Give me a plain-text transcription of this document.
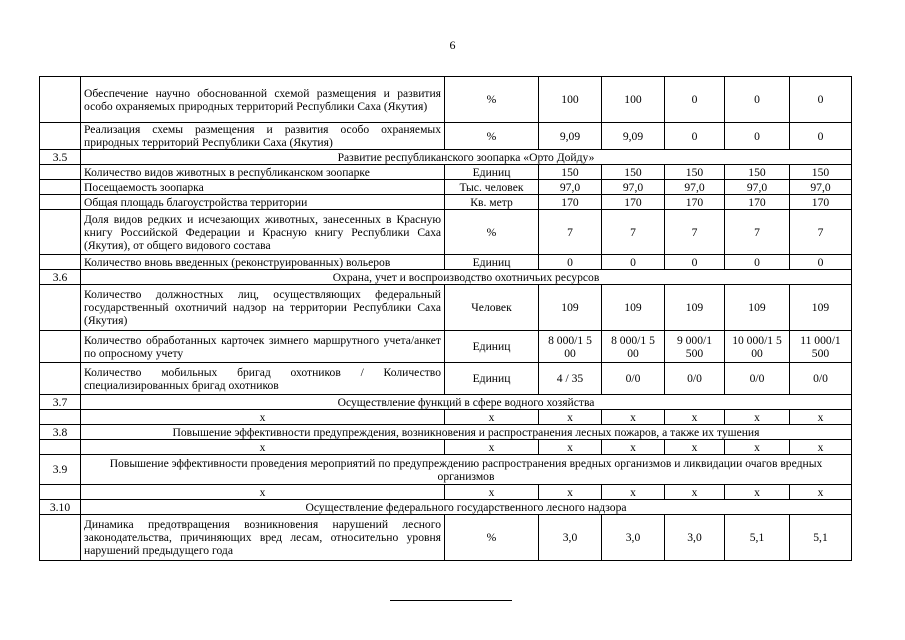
6
	Обеспечение научно обоснованной схемой размещения и развития особо охраняемых природных территорий Республики Саха (Якутия)	%	100	100	0	0	0
	Реализация схемы размещения и развития особо охраняемых природных территорий Республики Саха (Якутия)	%	9,09	9,09	0	0	0
3.5	Развитие республиканского зоопарка «Орто Дойду»						
	Количество видов животных в республиканском зоопарке	Единиц	150	150	150	150	150
	Посещаемость зоопарка	Тыс. человек	97,0	97,0	97,0	97,0	97,0
	Общая площадь благоустройства территории	Кв. метр	170	170	170	170	170
	Доля видов редких и исчезающих животных, занесенных в Красную книгу Российской Федерации и Красную книгу Республики Саха (Якутия), от общего видового состава	%	7	7	7	7	7
	Количество вновь введенных (реконструированных) вольеров	Единиц	0	0	0	0	0
3.6	Охрана, учет и воспроизводство охотничьих ресурсов						
	Количество должностных лиц, осуществляющих федеральный государственный охотничий надзор на территории Республики Саха (Якутия)	Человек	109	109	109	109	109
	Количество обработанных карточек зимнего маршрутного учета/анкет по опросному учету	Единиц	8 000/1 5 00	8 000/1 5 00	9 000/1 500	10 000/1 5 00	11 000/1 500
	Количество мобильных бригад охотников / Количество специализированных бригад охотников	Единиц	4 / 35	0/0	0/0	0/0	0/0
3.7	Осуществление функций в сфере водного хозяйства						
	х	х	х	х	х	х	х
3.8	Повышение эффективности предупреждения, возникновения и распространения лесных пожаров, а также их тушения						
	х	х	х	х	х	х	х
3.9	Повышение эффективности проведения мероприятий по предупреждению распространения вредных организмов и ликвидации очагов вредных организмов						
	х	х	х	х	х	х	х
3.10	Осуществление федерального государственного лесного надзора						
	Динамика предотвращения возникновения нарушений лесного законодательства, причиняющих вред лесам, относительно уровня нарушений предыдущего года	%	3,0	3,0	3,0	5,1	5,1
